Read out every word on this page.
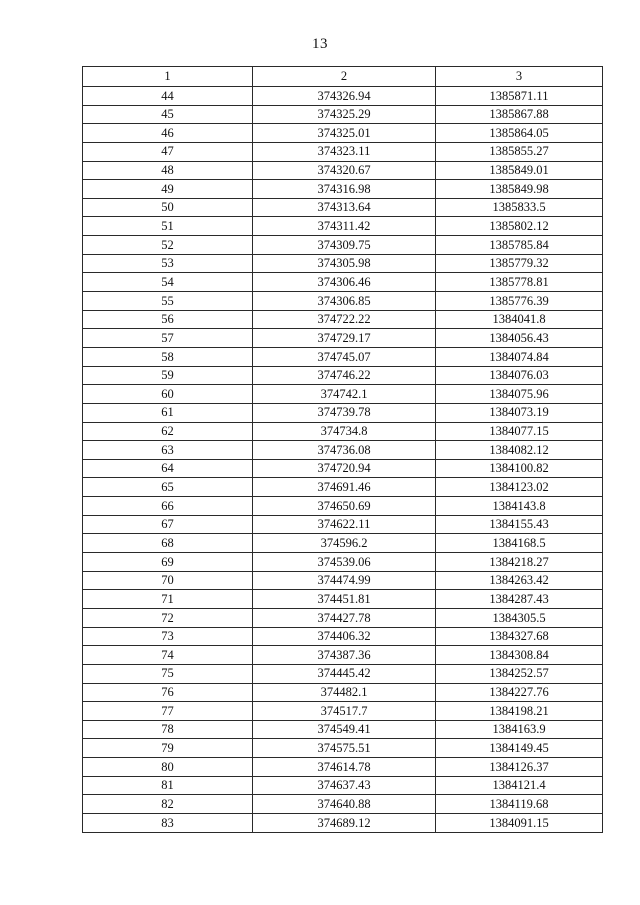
13
1	2	3
44	374326.94	1385871.11
45	374325.29	1385867.88
46	374325.01	1385864.05
47	374323.11	1385855.27
48	374320.67	1385849.01
49	374316.98	1385849.98
50	374313.64	1385833.5
51	374311.42	1385802.12
52	374309.75	1385785.84
53	374305.98	1385779.32
54	374306.46	1385778.81
55	374306.85	1385776.39
56	374722.22	1384041.8
57	374729.17	1384056.43
58	374745.07	1384074.84
59	374746.22	1384076.03
60	374742.1	1384075.96
61	374739.78	1384073.19
62	374734.8	1384077.15
63	374736.08	1384082.12
64	374720.94	1384100.82
65	374691.46	1384123.02
66	374650.69	1384143.8
67	374622.11	1384155.43
68	374596.2	1384168.5
69	374539.06	1384218.27
70	374474.99	1384263.42
71	374451.81	1384287.43
72	374427.78	1384305.5
73	374406.32	1384327.68
74	374387.36	1384308.84
75	374445.42	1384252.57
76	374482.1	1384227.76
77	374517.7	1384198.21
78	374549.41	1384163.9
79	374575.51	1384149.45
80	374614.78	1384126.37
81	374637.43	1384121.4
82	374640.88	1384119.68
83	374689.12	1384091.15
